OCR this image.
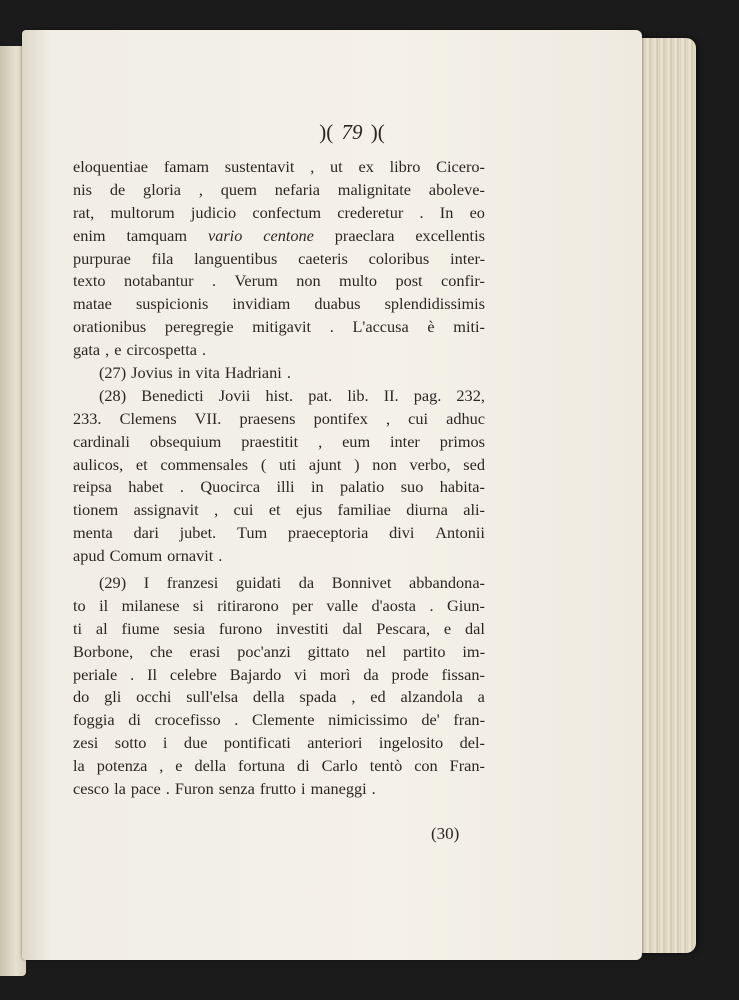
)( 79 )(
eloquentiae famam sustentavit , ut ex libro Cicero-
nis de gloria , quem nefaria malignitate aboleve-
rat, multorum judicio confectum crederetur . In eo
enim tamquam vario centone praeclara excellentis
purpurae fila languentibus caeteris coloribus inter-
texto notabantur . Verum non multo post confir-
matae suspicionis invidiam duabus splendidissimis
orationibus peregregie mitigavit . L'accusa è miti-
gata , e circospetta .
(27) Jovius in vita Hadriani .
(28) Benedicti Jovii hist. pat. lib. II. pag. 232,
233. Clemens VII. praesens pontifex , cui adhuc
cardinali obsequium praestitit , eum inter primos
aulicos, et commensales ( uti ajunt ) non verbo, sed
reipsa habet . Quocirca illi in palatio suo habita-
tionem assignavit , cui et ejus familiae diurna ali-
menta dari jubet. Tum praeceptoria divi Antonii
apud Comum ornavit .
(29) I franzesi guidati da Bonnivet abbandona-
to il milanese si ritirarono per valle d'aosta . Giun-
ti al fiume sesia furono investiti dal Pescara, e dal
Borbone, che erasi poc'anzi gittato nel partito im-
periale . Il celebre Bajardo vi morì da prode fissan-
do gli occhi sull'elsa della spada , ed alzandola a
foggia di crocefisso . Clemente nimicissimo de' fran-
zesi sotto i due pontificati anteriori ingelosito del-
la potenza , e della fortuna di Carlo tentò con Fran-
cesco la pace . Furon senza frutto i maneggi .
(30)
